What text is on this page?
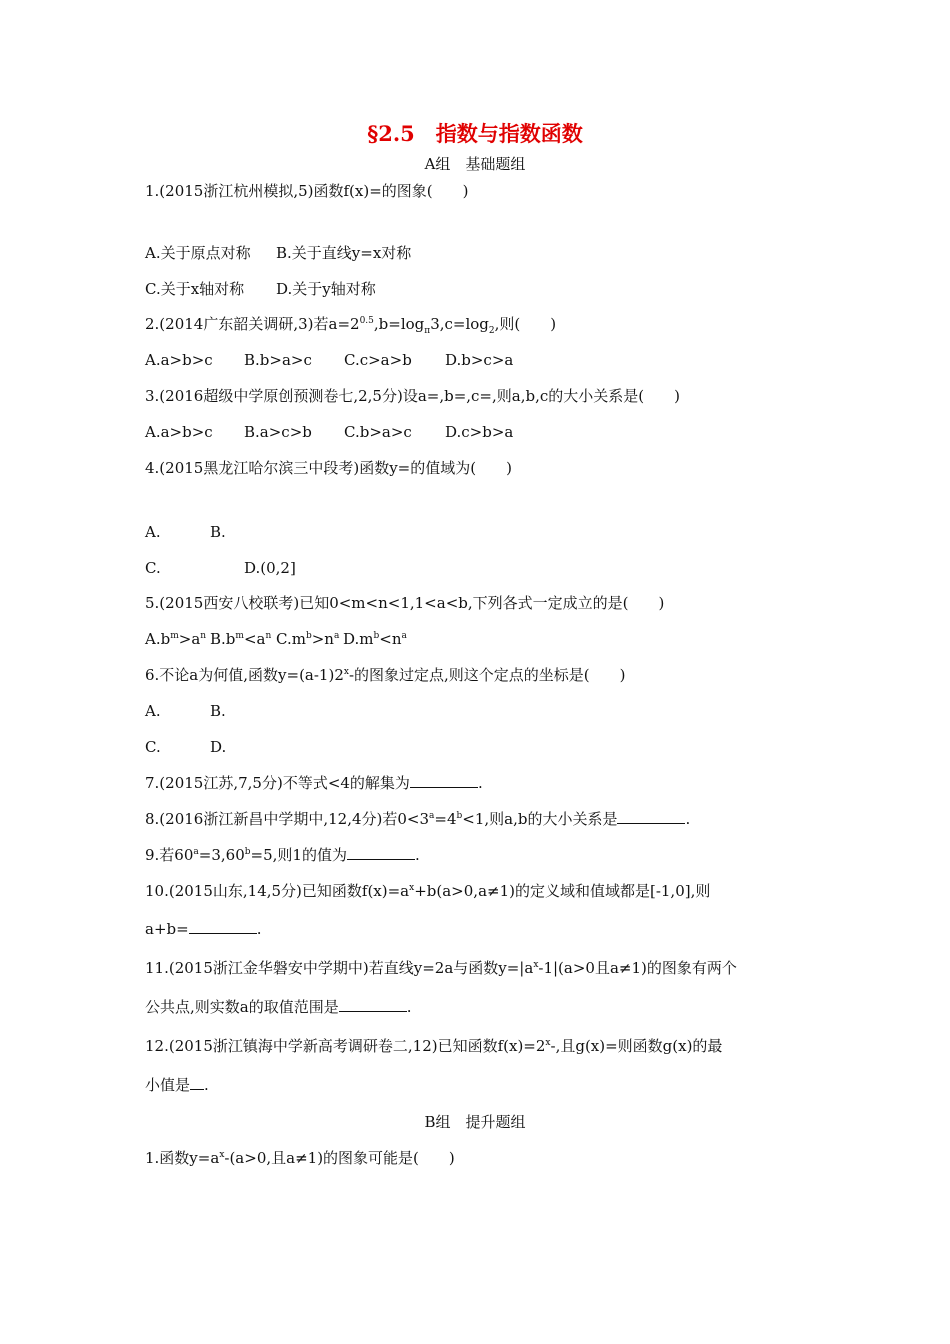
§2.5　指数与指数函数
A组　基础题组
1.(2015浙江杭州模拟,5)函数f(x)=的图象(　　)
A.关于原点对称 B.关于直线y=x对称
C.关于x轴对称 D.关于y轴对称
2.(2014广东韶关调研,3)若$a=2^{0.5},b=\log_\pi 3,c=\log_2$,则(　　)
A.a>b>c B.b>a>c C.c>a>b D.b>c>a
3.(2016超级中学原创预测卷七,2,5分)设a=,b=,c=,则a,b,c的大小关系是(　　)
A.a>b>c B.a>c>b C.b>a>c D.c>b>a
4.(2015黑龙江哈尔滨三中段考)函数y=的值域为(　　)
A.	B.
C.	D.(0,2]
5.(2015西安八校联考)已知0<m<n<1,1<a<b,下列各式一定成立的是(　　)
$A.b^m>a^n$ $B.b^m<a^n$ $C.m^b>n^a$ $D.m^b<n^a$
6.不论a为何值,函数$y=(a-1)2^x-$的图象过定点,则这个定点的坐标是(　　)
A.	B.
C.	D.
7.(2015江苏,7,5分)不等式<4的解集为	.
8.(2016浙江新昌中学期中,12,4分)若$0<3^a=4^b<1$,则a,b的大小关系是	.
9.若$60^a=3,60^b=5$,则1的值为	.
10.(2015山东,14,5分)已知函数$f(x)=a^x+b(a>0,a\ne 1)$的定义域和值域都是[-1,0],则
a+b=	.
11.(2015浙江金华磐安中学期中)若直线y=2a与函数$y=|a^x-1|(a>0$且a≠1)的图象有两个
公共点,则实数a的取值范围是	.
12.(2015浙江镇海中学新高考调研卷二,12)已知函数$f(x)=2^x-$,且g(x)=则函数g(x)的最
小值是 .
B组　提升题组
1.函数$y=a^x-(a>0$,且a≠1)的图象可能是(　　)
